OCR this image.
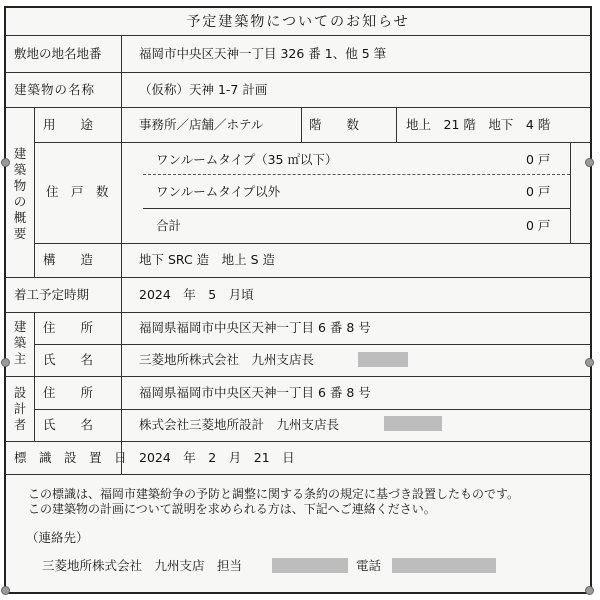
予定建築物についてのお知らせ
敷地の地名地番	福岡市中央区天神一丁目 326 番 1、他 5 筆
建築物の名称	（仮称）天神 1-7 計画
建築物の概要
用　　途	事務所／店舗／ホテル	階　　数	地上　21 階　地下　4 階
住　戸　数
ワンルームタイプ（35 ㎡以下）	0 戸
ワンルームタイプ以外	0 戸
合計	0 戸
構　　造	地下 SRC 造　地上 S 造
着工予定時期	2024　年　5　月頃
建築主
住　　所	福岡県福岡市中央区天神一丁目 6 番 8 号
氏　　名	三菱地所株式会社　九州支店長
設計者
住　　所	福岡県福岡市中央区天神一丁目 6 番 8 号
氏　　名	株式会社三菱地所設計　九州支店長
標　識　設　置　日 2024　年　2　月　21　日
この標識は、福岡市建築紛争の予防と調整に関する条約の規定に基づき設置したものです。
この建築物の計画について説明を求められる方は、下記へご連絡ください。
（連絡先）
三菱地所株式会社　九州支店　担当	電話
